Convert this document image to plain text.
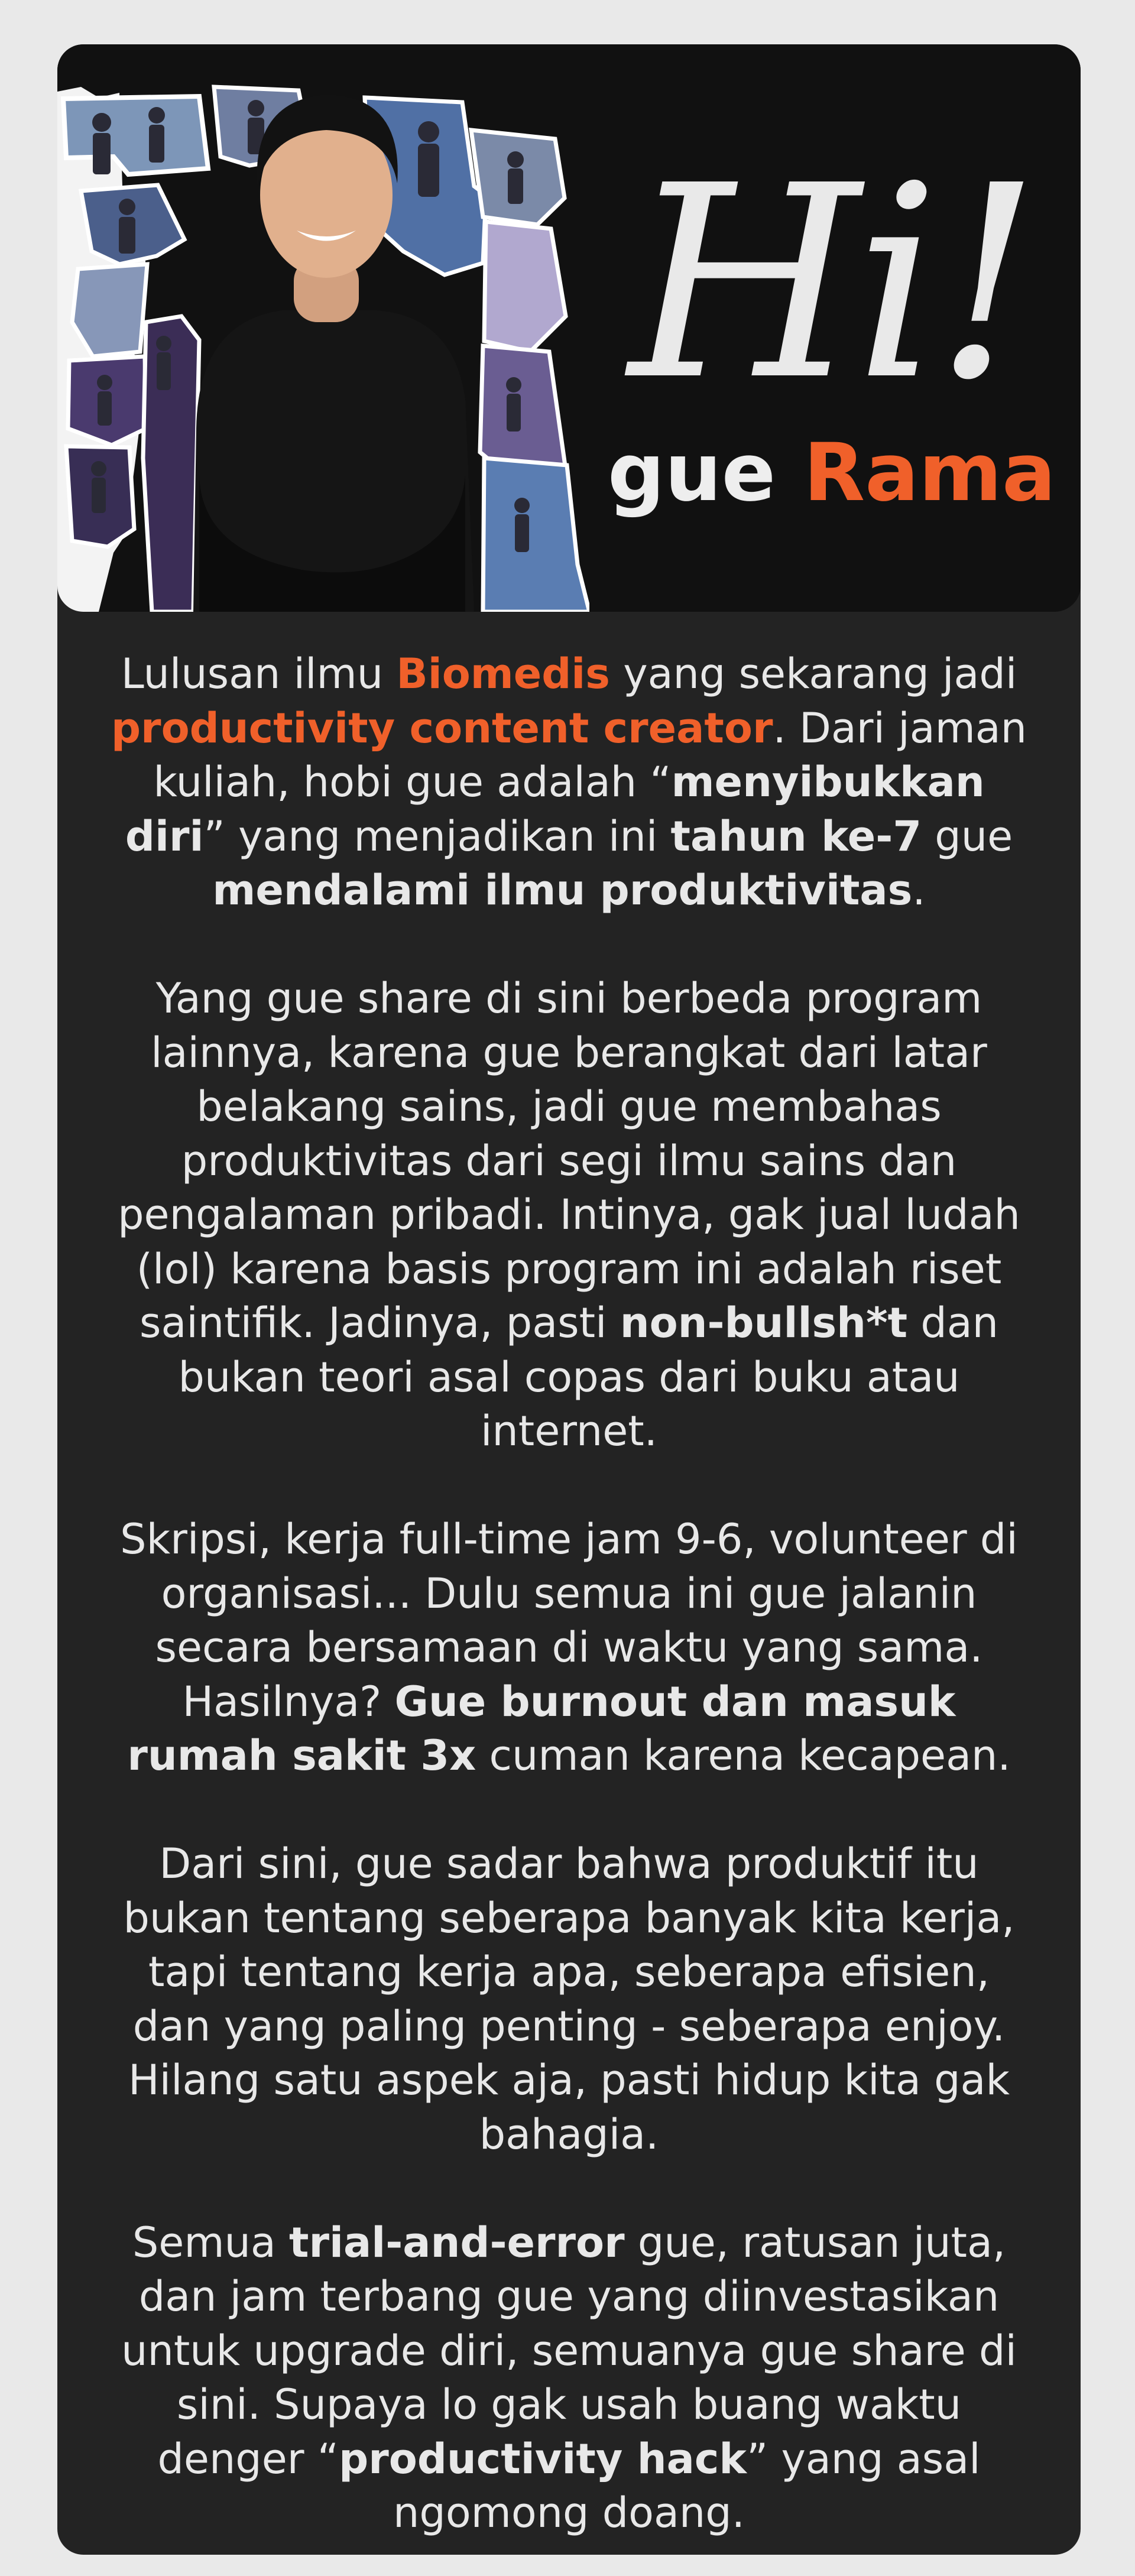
Hi!
gue Rama

Lulusan ilmu Biomedis yang sekarang jadi productivity content creator. Dari jaman kuliah, hobi gue adalah “menyibukkan diri” yang menjadikan ini tahun ke-7 gue mendalami ilmu produktivitas.

Yang gue share di sini berbeda program lainnya, karena gue berangkat dari latar belakang sains, jadi gue membahas produktivitas dari segi ilmu sains dan pengalaman pribadi. Intinya, gak jual ludah (lol) karena basis program ini adalah riset saintifik. Jadinya, pasti non-bullsh*t dan bukan teori asal copas dari buku atau internet.

Skripsi, kerja full-time jam 9-6, volunteer di organisasi... Dulu semua ini gue jalanin secara bersamaan di waktu yang sama. Hasilnya? Gue burnout dan masuk rumah sakit 3x cuman karena kecapean.

Dari sini, gue sadar bahwa produktif itu bukan tentang seberapa banyak kita kerja, tapi tentang kerja apa, seberapa efisien, dan yang paling penting - seberapa enjoy. Hilang satu aspek aja, pasti hidup kita gak bahagia.

Semua trial-and-error gue, ratusan juta, dan jam terbang gue yang diinvestasikan untuk upgrade diri, semuanya gue share di sini. Supaya lo gak usah buang waktu denger “productivity hack” yang asal ngomong doang.
